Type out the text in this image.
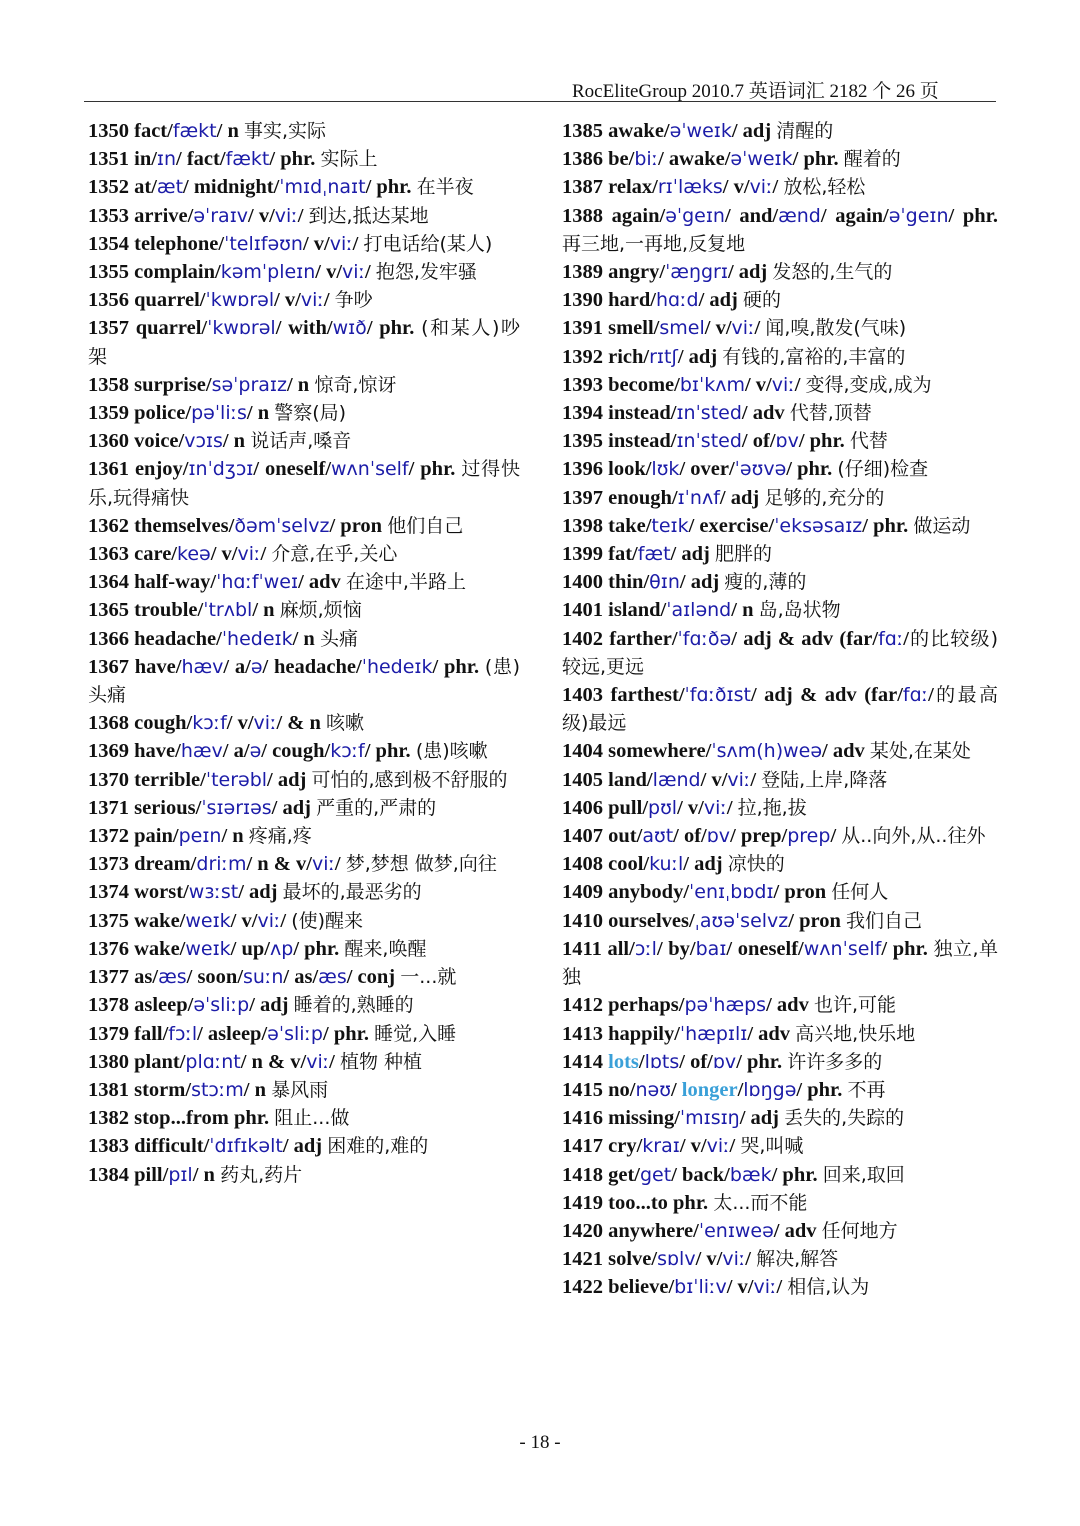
RocEliteGroup 2010.7 英语词汇 2182 个 26 页
1350 fact/fækt/ n 事实,实际
1351 in/ɪn/ fact/fækt/ phr. 实际上
1352 at/æt/ midnight/ˈmɪdˌnaɪt/ phr. 在半夜
1353 arrive/əˈraɪv/ v/viː/ 到达,抵达某地
1354 telephone/ˈtelɪfəʊn/ v/viː/ 打电话给(某人)
1355 complain/kəmˈpleɪn/ v/viː/ 抱怨,发牢骚
1356 quarrel/ˈkwɒrəl/ v/viː/ 争吵
1357 quarrel/ˈkwɒrəl/ with/wɪð/ phr. (和某人)吵架
1358 surprise/səˈpraɪz/ n 惊奇,惊讶
1359 police/pəˈliːs/ n 警察(局)
1360 voice/vɔɪs/ n 说话声,嗓音
1361 enjoy/ɪnˈdʒɔɪ/ oneself/wʌnˈself/ phr. 过得快乐,玩得痛快
1362 themselves/ðəmˈselvz/ pron 他们自己
1363 care/keə/ v/viː/ 介意,在乎,关心
1364 half-way/ˈhɑːfˈweɪ/ adv 在途中,半路上
1365 trouble/ˈtrʌbl/ n 麻烦,烦恼
1366 headache/ˈhedeɪk/ n 头痛
1367 have/hæv/ a/ə/ headache/ˈhedeɪk/ phr. (患)头痛
1368 cough/kɔːf/ v/viː/ & n 咳嗽
1369 have/hæv/ a/ə/ cough/kɔːf/ phr. (患)咳嗽
1370 terrible/ˈterəbl/ adj 可怕的,感到极不舒服的
1371 serious/ˈsɪərɪəs/ adj 严重的,严肃的
1372 pain/peɪn/ n 疼痛,疼
1373 dream/driːm/ n & v/viː/ 梦,梦想 做梦,向往
1374 worst/wɜːst/ adj 最坏的,最恶劣的
1375 wake/weɪk/ v/viː/ (使)醒来
1376 wake/weɪk/ up/ʌp/ phr. 醒来,唤醒
1377 as/æs/ soon/suːn/ as/æs/ conj 一...就
1378 asleep/əˈsliːp/ adj 睡着的,熟睡的
1379 fall/fɔːl/ asleep/əˈsliːp/ phr. 睡觉,入睡
1380 plant/plɑːnt/ n & v/viː/ 植物 种植
1381 storm/stɔːm/ n 暴风雨
1382 stop...from phr. 阻止...做
1383 difficult/ˈdɪfɪkəlt/ adj 困难的,难的
1384 pill/pɪl/ n 药丸,药片
1385 awake/əˈweɪk/ adj 清醒的
1386 be/biː/ awake/əˈweɪk/ phr. 醒着的
1387 relax/rɪˈlæks/ v/viː/ 放松,轻松
1388 again/əˈgeɪn/ and/ænd/ again/əˈgeɪn/ phr. 再三地,一再地,反复地
1389 angry/ˈæŋgrɪ/ adj 发怒的,生气的
1390 hard/hɑːd/ adj 硬的
1391 smell/smel/ v/viː/ 闻,嗅,散发(气味)
1392 rich/rɪtʃ/ adj 有钱的,富裕的,丰富的
1393 become/bɪˈkʌm/ v/viː/ 变得,变成,成为
1394 instead/ɪnˈsted/ adv 代替,顶替
1395 instead/ɪnˈsted/ of/ɒv/ phr. 代替
1396 look/lʊk/ over/ˈəʊvə/ phr. (仔细)检查
1397 enough/ɪˈnʌf/ adj 足够的,充分的
1398 take/teɪk/ exercise/ˈeksəsaɪz/ phr. 做运动
1399 fat/fæt/ adj 肥胖的
1400 thin/θɪn/ adj 瘦的,薄的
1401 island/ˈaɪlənd/ n 岛,岛状物
1402 farther/ˈfɑːðə/ adj & adv (far/fɑː/的比较级)较远,更远
1403 farthest/ˈfɑːðɪst/ adj & adv (far/fɑː/的最高级)最远
1404 somewhere/ˈsʌm(h)weə/ adv 某处,在某处
1405 land/lænd/ v/viː/ 登陆,上岸,降落
1406 pull/pʊl/ v/viː/ 拉,拖,拔
1407 out/aʊt/ of/ɒv/ prep/prep/ 从..向外,从..往外
1408 cool/kuːl/ adj 凉快的
1409 anybody/ˈenɪˌbɒdɪ/ pron 任何人
1410 ourselves/ˌaʊəˈselvz/ pron 我们自己
1411 all/ɔːl/ by/baɪ/ oneself/wʌnˈself/ phr. 独立,单独
1412 perhaps/pəˈhæps/ adv 也许,可能
1413 happily/ˈhæpɪlɪ/ adv 高兴地,快乐地
1414 lots/lɒts/ of/ɒv/ phr. 许许多多的
1415 no/nəʊ/ longer/lɒŋgə/ phr. 不再
1416 missing/ˈmɪsɪŋ/ adj 丢失的,失踪的
1417 cry/kraɪ/ v/viː/ 哭,叫喊
1418 get/get/ back/bæk/ phr. 回来,取回
1419 too...to phr. 太...而不能
1420 anywhere/ˈenɪweə/ adv 任何地方
1421 solve/sɒlv/ v/viː/ 解决,解答
1422 believe/bɪˈliːv/ v/viː/ 相信,认为
- 18 -
